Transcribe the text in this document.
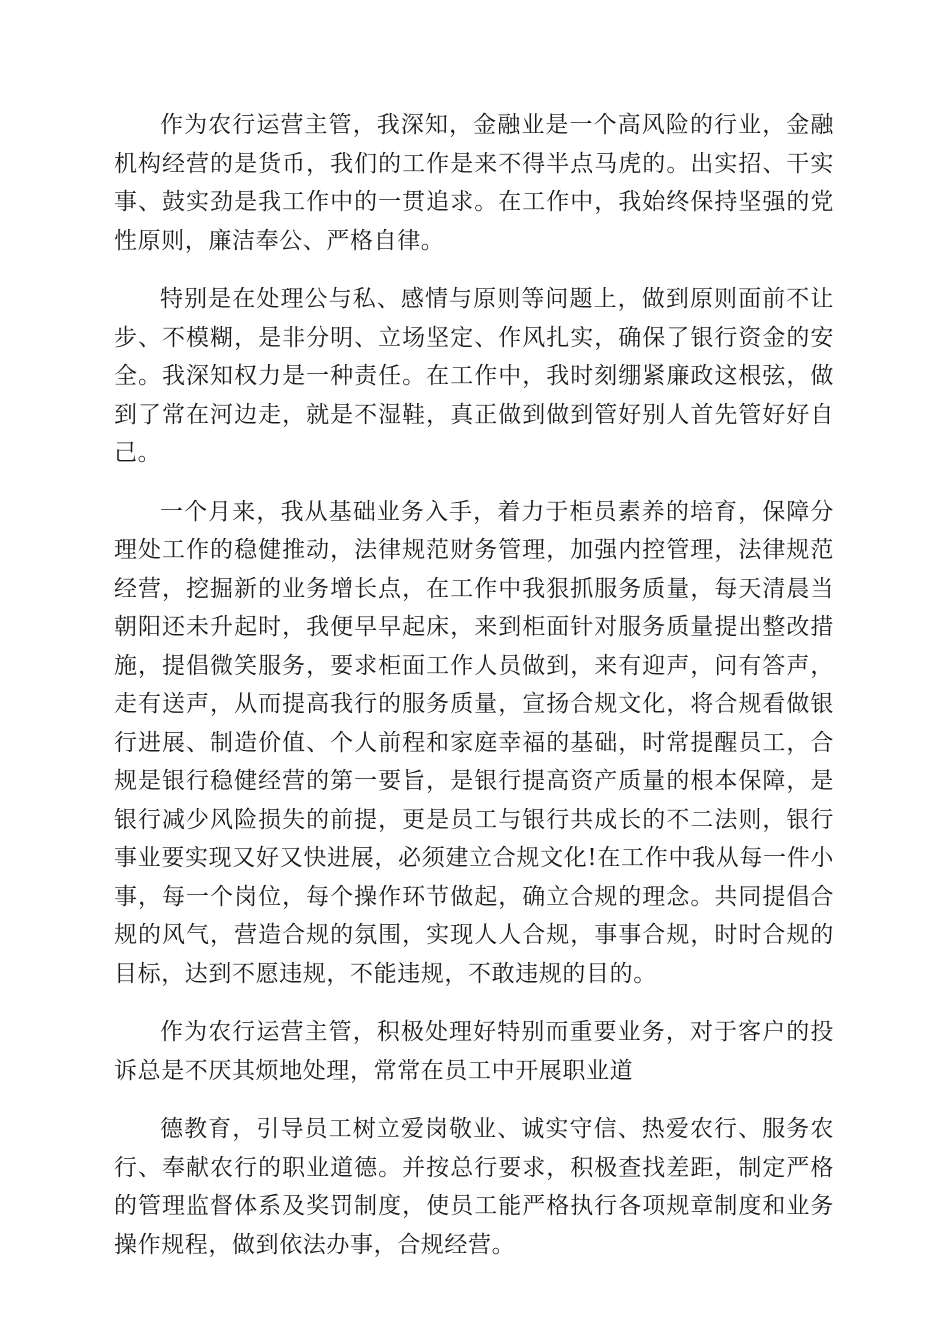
作为农行运营主管，我深知，金融业是一个高风险的行业，金融机构经营的是货币，我们的工作是来不得半点马虎的。出实招、干实事、鼓实劲是我工作中的一贯追求。在工作中，我始终保持坚强的党性原则，廉洁奉公、严格自律。

特别是在处理公与私、感情与原则等问题上，做到原则面前不让步、不模糊，是非分明、立场坚定、作风扎实，确保了银行资金的安全。我深知权力是一种责任。在工作中，我时刻绷紧廉政这根弦，做到了常在河边走，就是不湿鞋，真正做到做到管好别人首先管好好自己。

一个月来，我从基础业务入手，着力于柜员素养的培育，保障分理处工作的稳健推动，法律规范财务管理，加强内控管理，法律规范经营，挖掘新的业务增长点，在工作中我狠抓服务质量，每天清晨当朝阳还未升起时，我便早早起床，来到柜面针对服务质量提出整改措施，提倡微笑服务，要求柜面工作人员做到，来有迎声，问有答声，走有送声，从而提高我行的服务质量，宣扬合规文化，将合规看做银行进展、制造价值、个人前程和家庭幸福的基础，时常提醒员工，合规是银行稳健经营的第一要旨，是银行提高资产质量的根本保障，是银行减少风险损失的前提，更是员工与银行共成长的不二法则，银行事业要实现又好又快进展，必须建立合规文化!在工作中我从每一件小事，每一个岗位，每个操作环节做起，确立合规的理念。共同提倡合规的风气，营造合规的氛围，实现人人合规，事事合规，时时合规的目标，达到不愿违规，不能违规，不敢违规的目的。

作为农行运营主管，积极处理好特别而重要业务，对于客户的投诉总是不厌其烦地处理，常常在员工中开展职业道

德教育，引导员工树立爱岗敬业、诚实守信、热爱农行、服务农行、奉献农行的职业道德。并按总行要求，积极查找差距，制定严格的管理监督体系及奖罚制度，使员工能严格执行各项规章制度和业务操作规程，做到依法办事，合规经营。
